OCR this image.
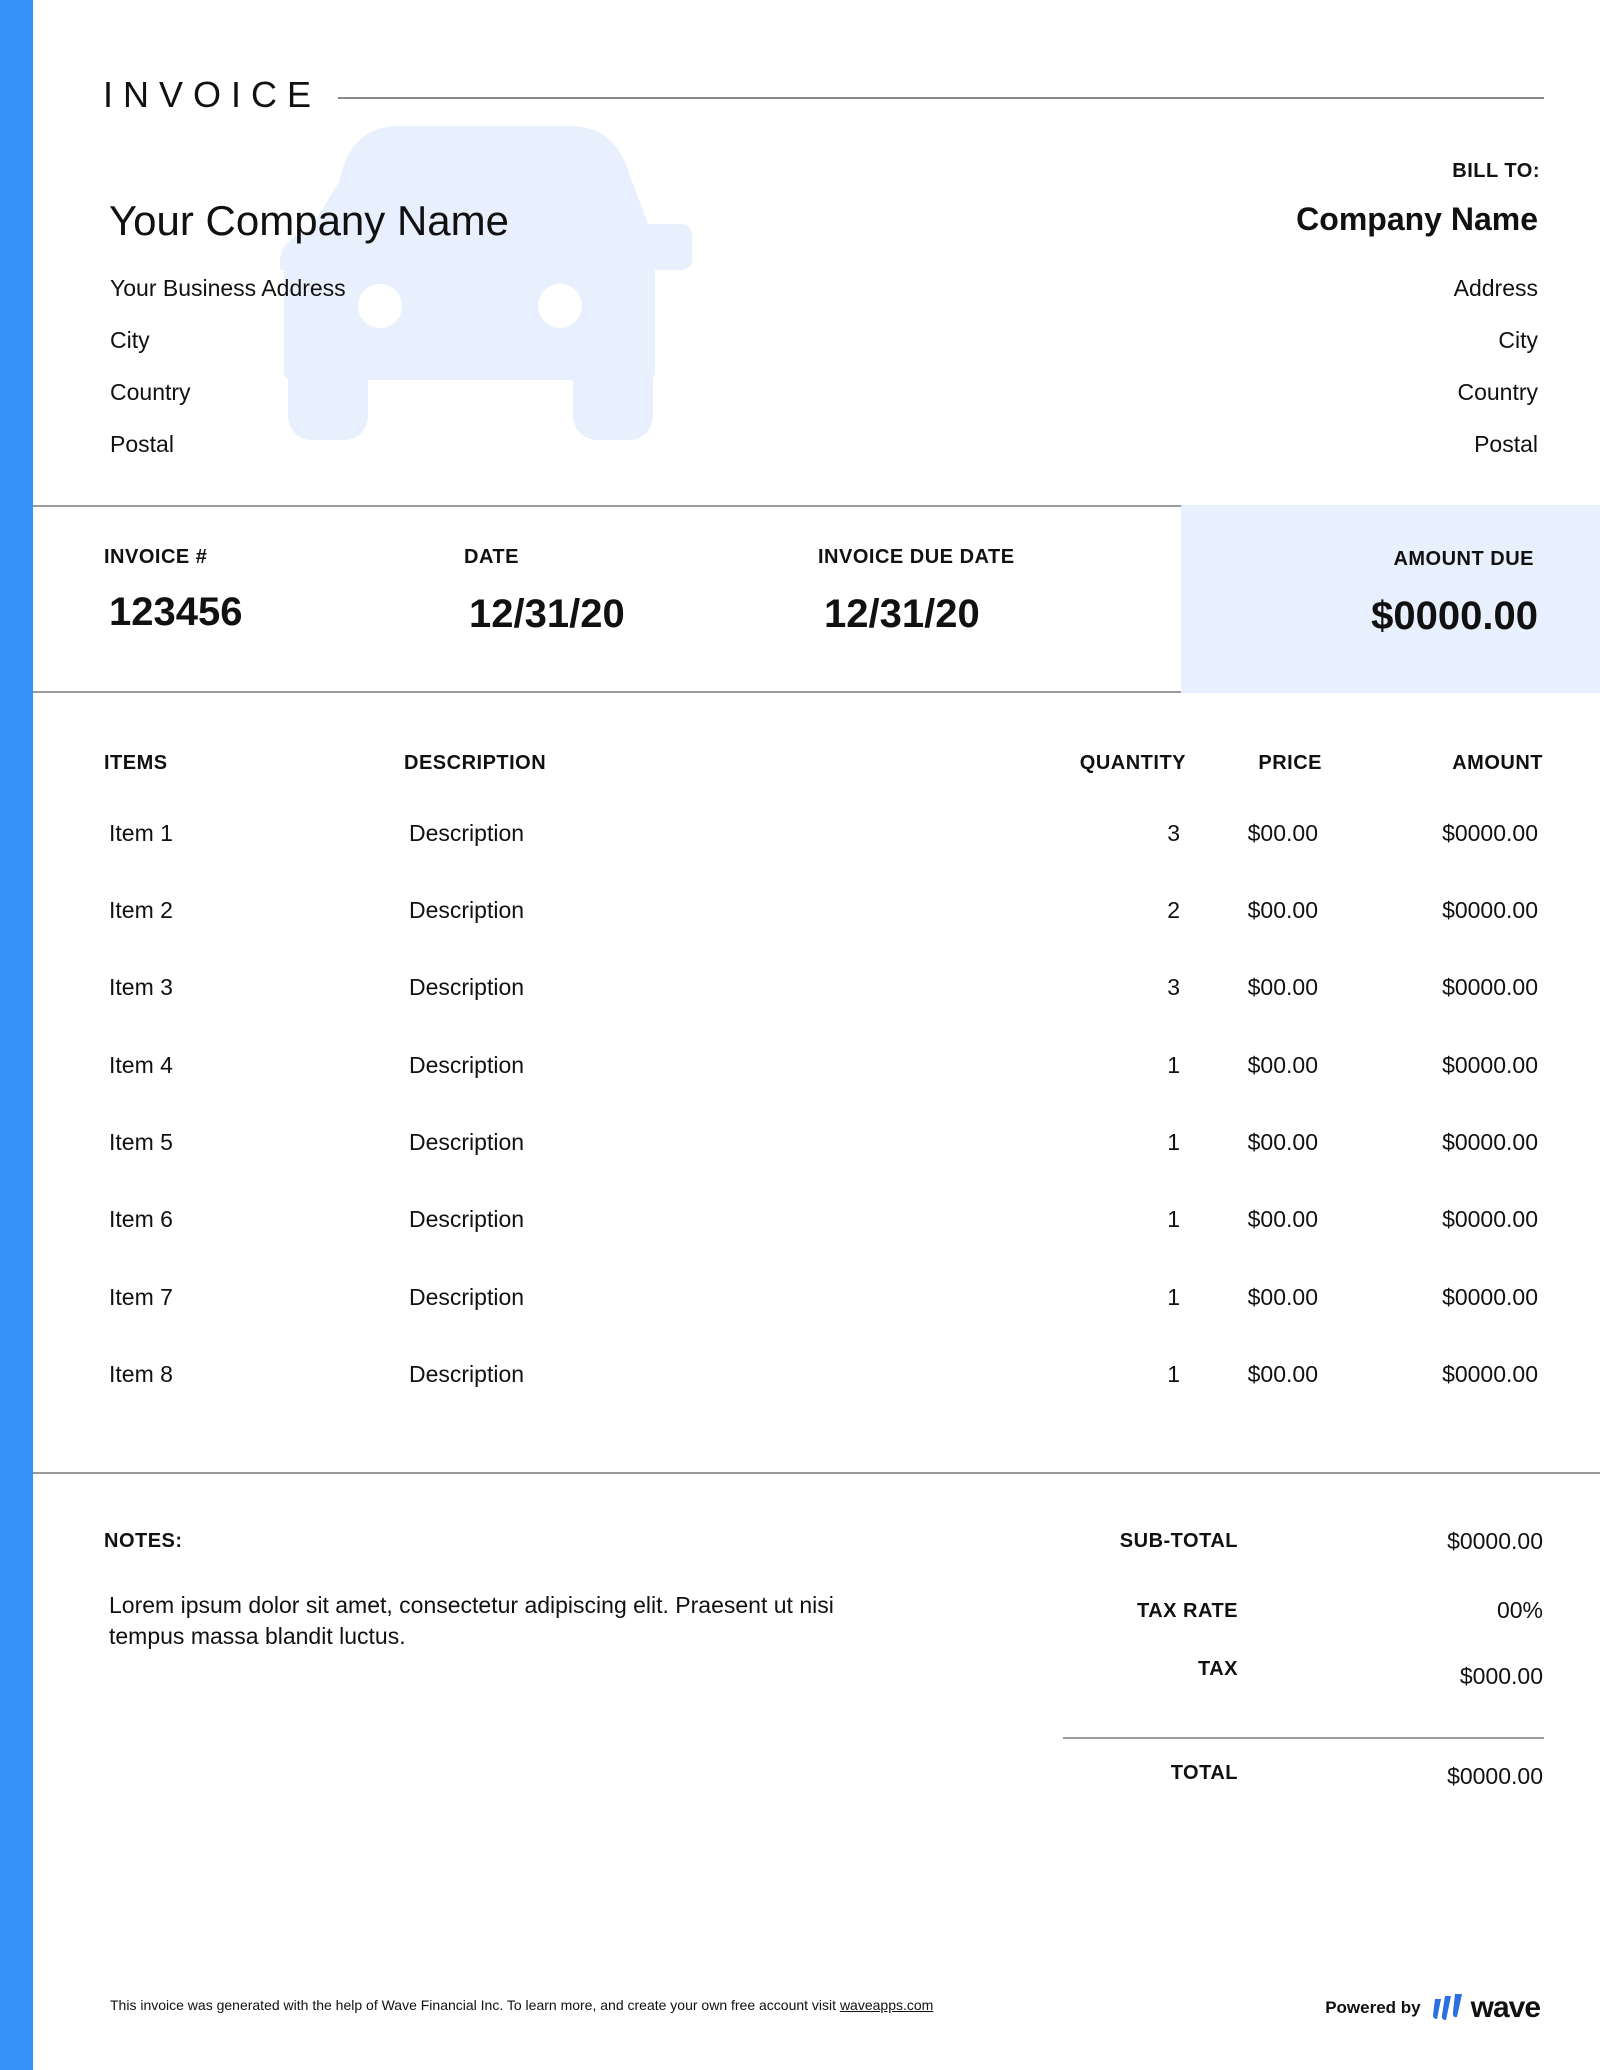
INVOICE
Your Company Name
Your Business Address
City
Country
Postal
BILL TO:
Company Name
Address
City
Country
Postal
INVOICE #
123456
DATE
12/31/20
INVOICE DUE DATE
12/31/20
AMOUNT DUE
$0000.00
ITEMS	DESCRIPTION	QUANTITY	PRICE	AMOUNT
Item 1	Description	3	$00.00	$0000.00
Item 2	Description	2	$00.00	$0000.00
Item 3	Description	3	$00.00	$0000.00
Item 4	Description	1	$00.00	$0000.00
Item 5	Description	1	$00.00	$0000.00
Item 6	Description	1	$00.00	$0000.00
Item 7	Description	1	$00.00	$0000.00
Item 8	Description	1	$00.00	$0000.00
NOTES:
Lorem ipsum dolor sit amet, consectetur adipiscing elit. Praesent ut nisi tempus massa blandit luctus.
SUB-TOTAL	$0000.00
TAX RATE	00%
TAX	$000.00
TOTAL	$0000.00
This invoice was generated with the help of Wave Financial Inc. To learn more, and create your own free account visit waveapps.com	Powered by wave
